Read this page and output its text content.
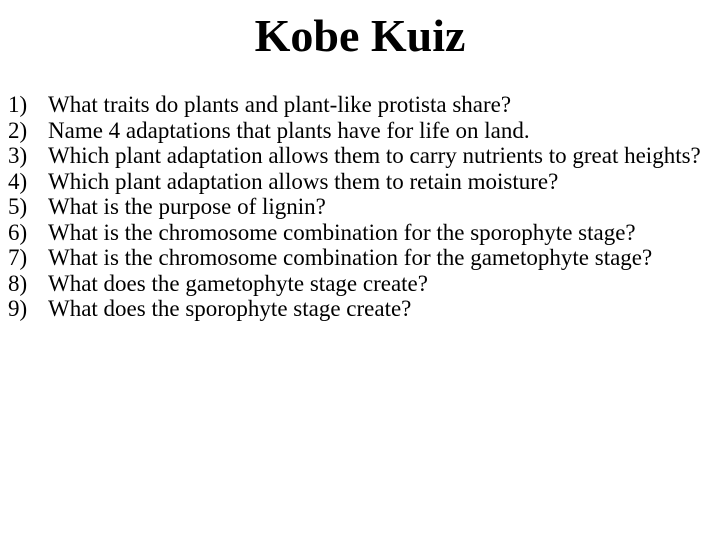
Kobe Kuiz
1) What traits do plants and plant-like protista share?
2) Name 4 adaptations that plants have for life on land.
3) Which plant adaptation allows them to carry nutrients to great heights?
4) Which plant adaptation allows them to retain moisture?
5) What is the purpose of lignin?
6) What is the chromosome combination for the sporophyte stage?
7) What is the chromosome combination for the gametophyte stage?
8) What does the gametophyte stage create?
9) What does the sporophyte stage create?
